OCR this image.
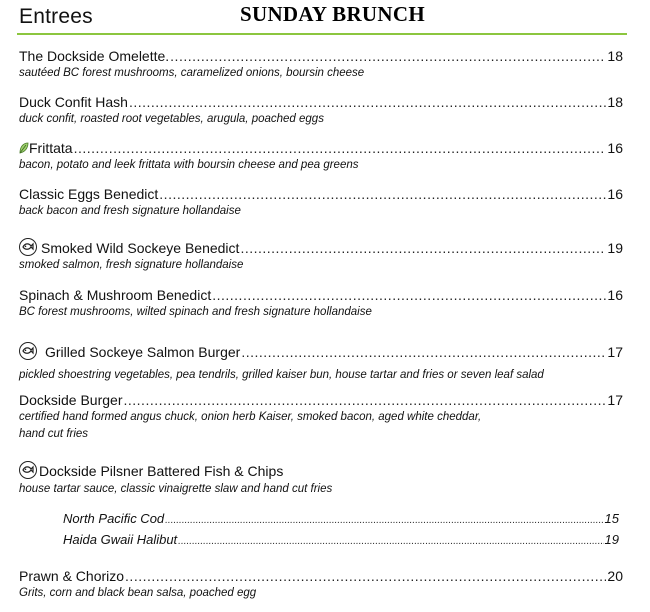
Entrees	SUNDAY BRUNCH
The Dockside Omelette. .....	18
sautéed BC forest mushrooms, caramelized onions, boursin cheese
Duck Confit Hash .....	18
duck confit, roasted root vegetables, arugula, poached eggs
Frittata .....	16
bacon, potato and leek frittata with boursin cheese and pea greens
Classic Eggs Benedict .....	16
back bacon and fresh signature hollandaise
Smoked Wild Sockeye Benedict .....	19
smoked salmon, fresh signature hollandaise
Spinach & Mushroom Benedict .....	16
BC forest mushrooms, wilted spinach and fresh signature hollandaise
Grilled Sockeye Salmon Burger .....	17
pickled shoestring vegetables, pea tendrils, grilled kaiser bun, house tartar and fries or seven leaf salad
Dockside Burger .....	17
certified hand formed angus chuck, onion herb Kaiser, smoked bacon, aged white cheddar,
hand cut fries
Dockside Pilsner Battered Fish & Chips
house tartar sauce, classic vinaigrette slaw and hand cut fries
North Pacific Cod .....	15
Haida Gwaii Halibut .....	19
Prawn & Chorizo .....	20
Grits, corn and black bean salsa, poached egg
